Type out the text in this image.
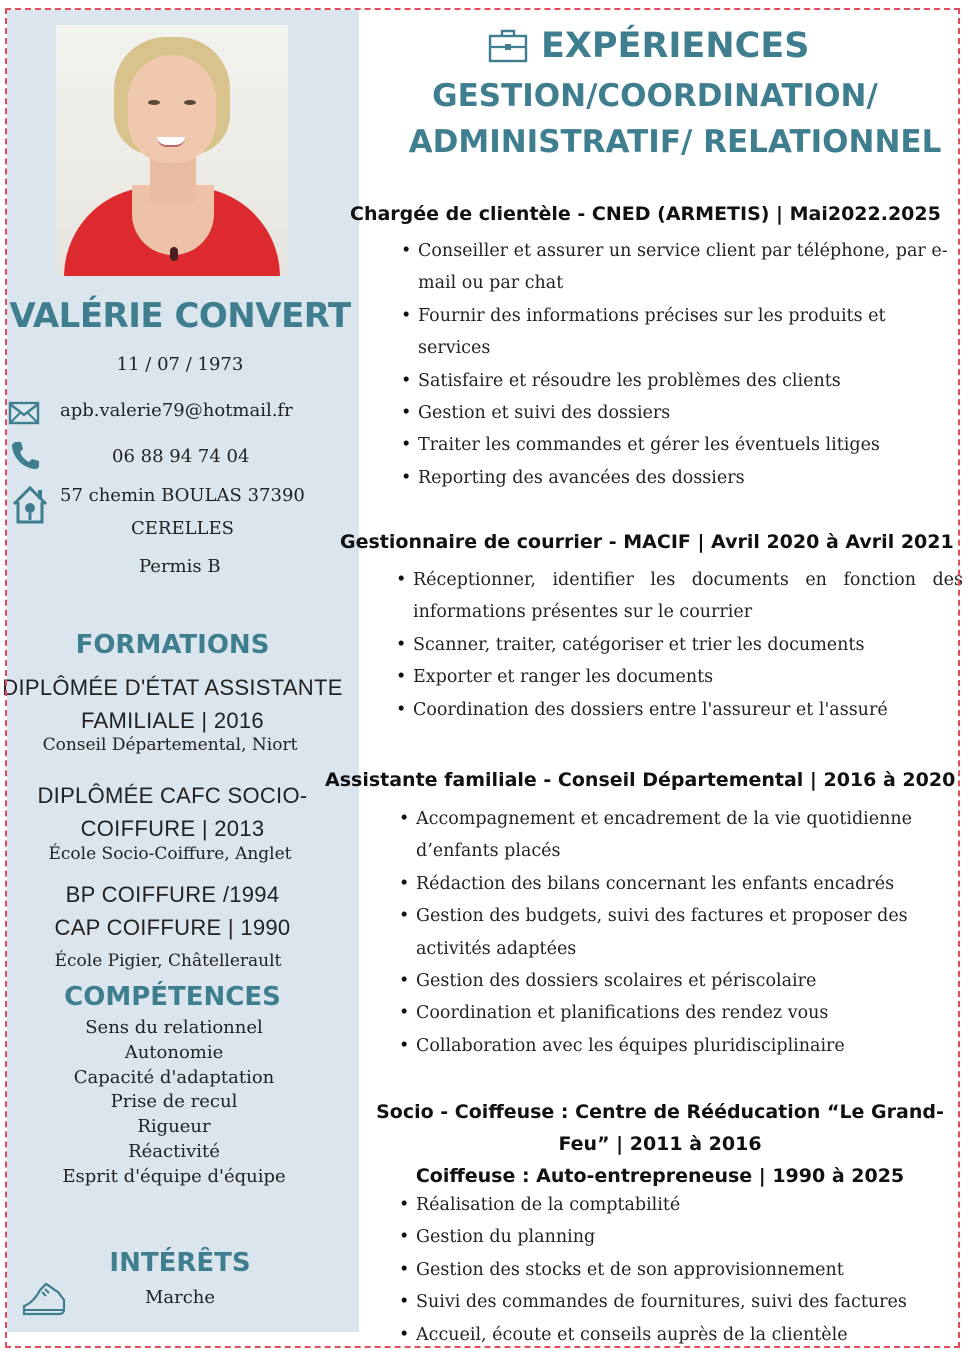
VALÉRIE CONVERT
11 / 07 / 1973
apb.valerie79@hotmail.fr
06 88 94 74 04
57 chemin BOULAS 37390
CERELLES
Permis B
FORMATIONS
DIPLÔMÉE D'ÉTAT ASSISTANTE
FAMILIALE | 2016
Conseil Départemental, Niort
DIPLÔMÉE CAFC SOCIO-
COIFFURE | 2013
École Socio-Coiffure, Anglet
BP COIFFURE /1994
CAP COIFFURE | 1990
École Pigier, Châtellerault
COMPÉTENCES
Sens du relationnel
Autonomie
Capacité d'adaptation
Prise de recul
Rigueur
Réactivité
Esprit d'équipe d'équipe
INTÉRÊTS
Marche
EXPÉRIENCES
GESTION/COORDINATION/
ADMINISTRATIF/ RELATIONNEL
Chargée de clientèle - CNED (ARMETIS) | Mai2022.2025
• Conseiller et assurer un service client par téléphone, par e-mail ou par chat
• Fournir des informations précises sur les produits et services
• Satisfaire et résoudre les problèmes des clients
• Gestion et suivi des dossiers
• Traiter les commandes et gérer les éventuels litiges
• Reporting des avancées des dossiers
Gestionnaire de courrier - MACIF | Avril 2020 à Avril 2021
• Réceptionner, identifier les documents en fonction des informations présentes sur le courrier
• Scanner, traiter, catégoriser et trier les documents
• Exporter et ranger les documents
• Coordination des dossiers entre l'assureur et l'assuré
Assistante familiale - Conseil Départemental | 2016 à 2020
• Accompagnement et encadrement de la vie quotidienne d’enfants placés
• Rédaction des bilans concernant les enfants encadrés
• Gestion des budgets, suivi des factures et proposer des activités adaptées
• Gestion des dossiers scolaires et périscolaire
• Coordination et planifications des rendez vous
• Collaboration avec les équipes pluridisciplinaire
Socio - Coiffeuse : Centre de Rééducation “Le Grand-
Feu” | 2011 à 2016
Coiffeuse : Auto-entrepreneuse | 1990 à 2025
• Réalisation de la comptabilité
• Gestion du planning
• Gestion des stocks et de son approvisionnement
• Suivi des commandes de fournitures, suivi des factures
• Accueil, écoute et conseils auprès de la clientèle
